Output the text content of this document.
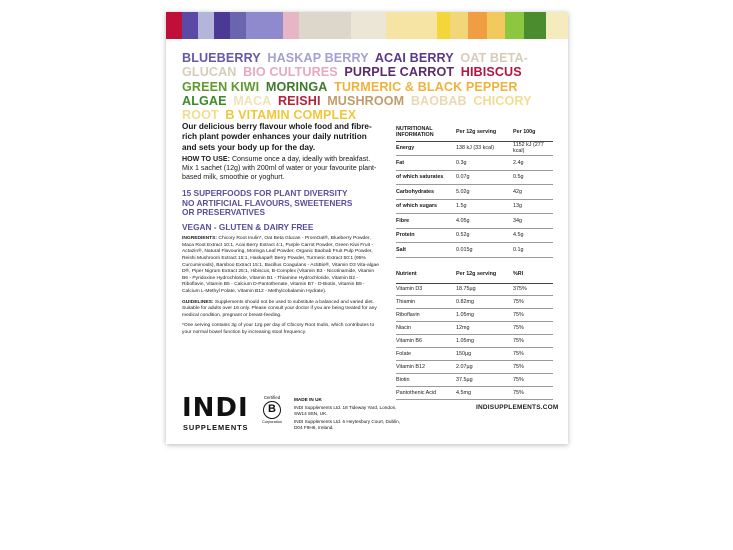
BLUEBERRY HASKAP BERRY ACAI BERRY OAT BETA-GLUCAN BIO CULTURES PURPLE CARROT HIBISCUS GREEN KIWI MORINGA TURMERIC & BLACK PEPPER ALGAE MACA REISHI MUSHROOM BAOBAB CHICORY ROOT B VITAMIN COMPLEX
Our delicious berry flavour whole food and fibre-rich plant powder enhances your daily nutrition and sets your body up for the day.
HOW TO USE: Consume once a day, ideally with breakfast. Mix 1 sachet (12g) with 200ml of water or your favourite plant-based milk, smoothie or yoghurt.
15 SUPERFOODS FOR PLANT DIVERSITY
NO ARTIFICIAL FLAVOURS, SWEETENERS
OR PRESERVATIVES
VEGAN - GLUTEN & DAIRY FREE
INGREDIENTS: Chicory Root Inulin*, Oat Beta Glucan - PromOat®, Blueberry Powder, Maca Root Extract 10:1, Acai Berry Extract 4:1, Purple Carrot Powder, Green Kiwi Fruit - Actazin®, Natural Flavouring, Moringa Leaf Powder, Organic Baobab Fruit Pulp Powder, Reishi Mushroom Extract 15:1, Haskapa® Berry Powder, Turmeric Extract 50:1 (95% Curcuminoids), Bamboo Extract 15:1, Bacillus Coagulans - ActiBio®, Vitamin D3 Vita-algae D®, Piper Nigrum Extract 25:1, Hibiscus, B-Complex (Vitamin B3 - Nicotinamide, Vitamin B6 - Pyridoxine Hydrochloride, Vitamin B1 - Thiamine Hydrochloride, Vitamin B2 - Riboflavin, Vitamin B5 - Calcium D-Pantothenate, Vitamin B7 - D-Biotin, Vitamin B9 - Calcium L-Methyl Folate, Vitamin B12 - Methylcobalamin Hydrate).
GUIDELINES: Supplements should not be used to substitute a balanced and varied diet. Suitable for adults over 16 only. Please consult your doctor if you are being treated for any medical condition, pregnant or breast-feeding.
*One serving contains 3g of your 12g per day of Chicory Root Inulin, which contributes to your normal bowel function by increasing stool frequency.
INDI
SUPPLEMENTS
Certified
B
Corporation
MADE IN UK

INDI Supplements Ltd. 18 Tideway Yard, London, SW14 8SN, UK.

INDI Supplements Ltd. 6 Heytesbury Court, Dublin, D04 F9H6, Ireland.

NUTRITIONAL INFORMATION	Per 12g serving	Per 100g
Energy	138 kJ (33 kcal)	1152 kJ (277 kcal)
Fat	0.3g	2.4g
of which saturates	0.07g	0.5g
Carbohydrates	5.02g	42g
of which sugars	1.5g	13g
Fibre	4.05g	34g
Protein	0.52g	4.5g
Salt	0.015g	0.1g
Nutrient	Per 12g serving	%RI
Vitamin D3	18.75µg	375%
Thiamin	0.82mg	75%
Riboflavin	1.05mg	75%
Niacin	12mg	75%
Vitamin B6	1.05mg	75%
Folate	150µg	75%
Vitamin B12	2.07µg	75%
Biotin	37.5µg	75%
Pantothenic Acid	4.5mg	75%
INDISUPPLEMENTS.COM
